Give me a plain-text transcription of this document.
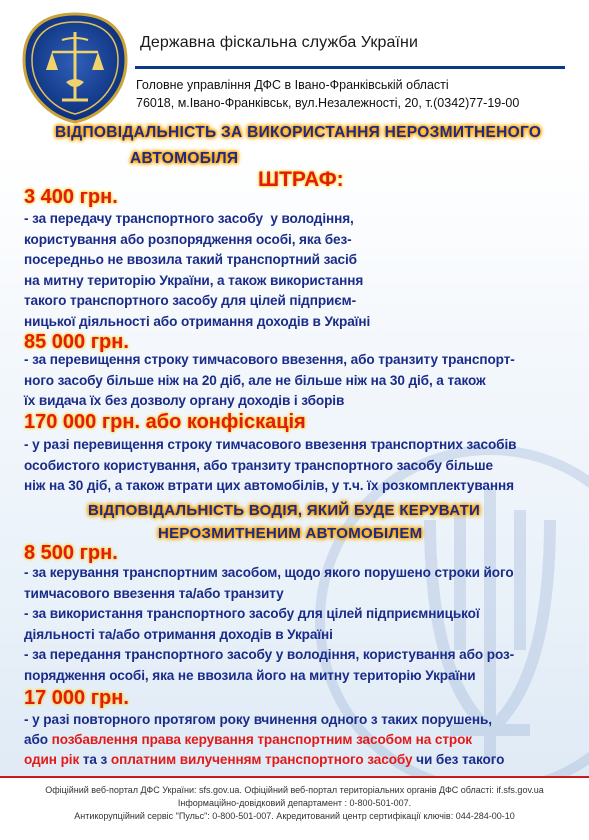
Державна фіскальна служба України
Головне управління ДФС в Івано-Франківській області
76018, м.Івано-Франківськ, вул.Незалежності, 20, т.(0342)77-19-00
ВІДПОВІДАЛЬНІСТЬ ЗА ВИКОРИСТАННЯ НЕРОЗМИТНЕНОГО
АВТОМОБІЛЯ
ШТРАФ:
3 400 грн.
- за передачу транспортного засобу  у володіння,
користування або розпорядження особі, яка без-
посередньо не ввозила такий транспортний засіб
на митну територію України, а також використання
такого транспортного засобу для цілей підприєм-
ницької діяльності або отримання доходів в Україні
85 000 грн.
- за перевищення строку тимчасового ввезення, або транзиту транспорт-
ного засобу більше ніж на 20 діб, але не більше ніж на 30 діб, а також
їх видача їх без дозволу органу доходів і зборів
170 000 грн. або конфіскація
- у разі перевищення строку тимчасового ввезення транспортних засобів
особистого користування, або транзиту транспортного засобу більше
ніж на 30 діб, а також втрати цих автомобілів, у т.ч. їх розкомплектування
ВІДПОВІДАЛЬНІСТЬ ВОДІЯ, ЯКИЙ БУДЕ КЕРУВАТИ
НЕРОЗМИТНЕНИМ АВТОМОБІЛЕМ
8 500 грн.
- за керування транспортним засобом, щодо якого порушено строки його
тимчасового ввезення та/або транзиту
- за використання транспортного засобу для цілей підприємницької
діяльності та/або отримання доходів в Україні
- за передання транспортного засобу у володіння, користування або роз-
порядження особі, яка не ввозила його на митну територію України
17 000 грн.
- у разі повторного протягом року вчинення одного з таких порушень,
або позбавлення права керування транспортним засобом на строк
один рік та з оплатним вилученням транспортного засобу чи без такого
Офіційний веб-портал ДФС України: sfs.gov.ua. Офіційний веб-портал територіальних органів ДФС області: if.sfs.gov.ua
Інформаційно-довідковий департамент : 0-800-501-007.
Антикорупційний сервіс "Пульс": 0-800-501-007. Акредитований центр сертифікації ключів: 044-284-00-10
